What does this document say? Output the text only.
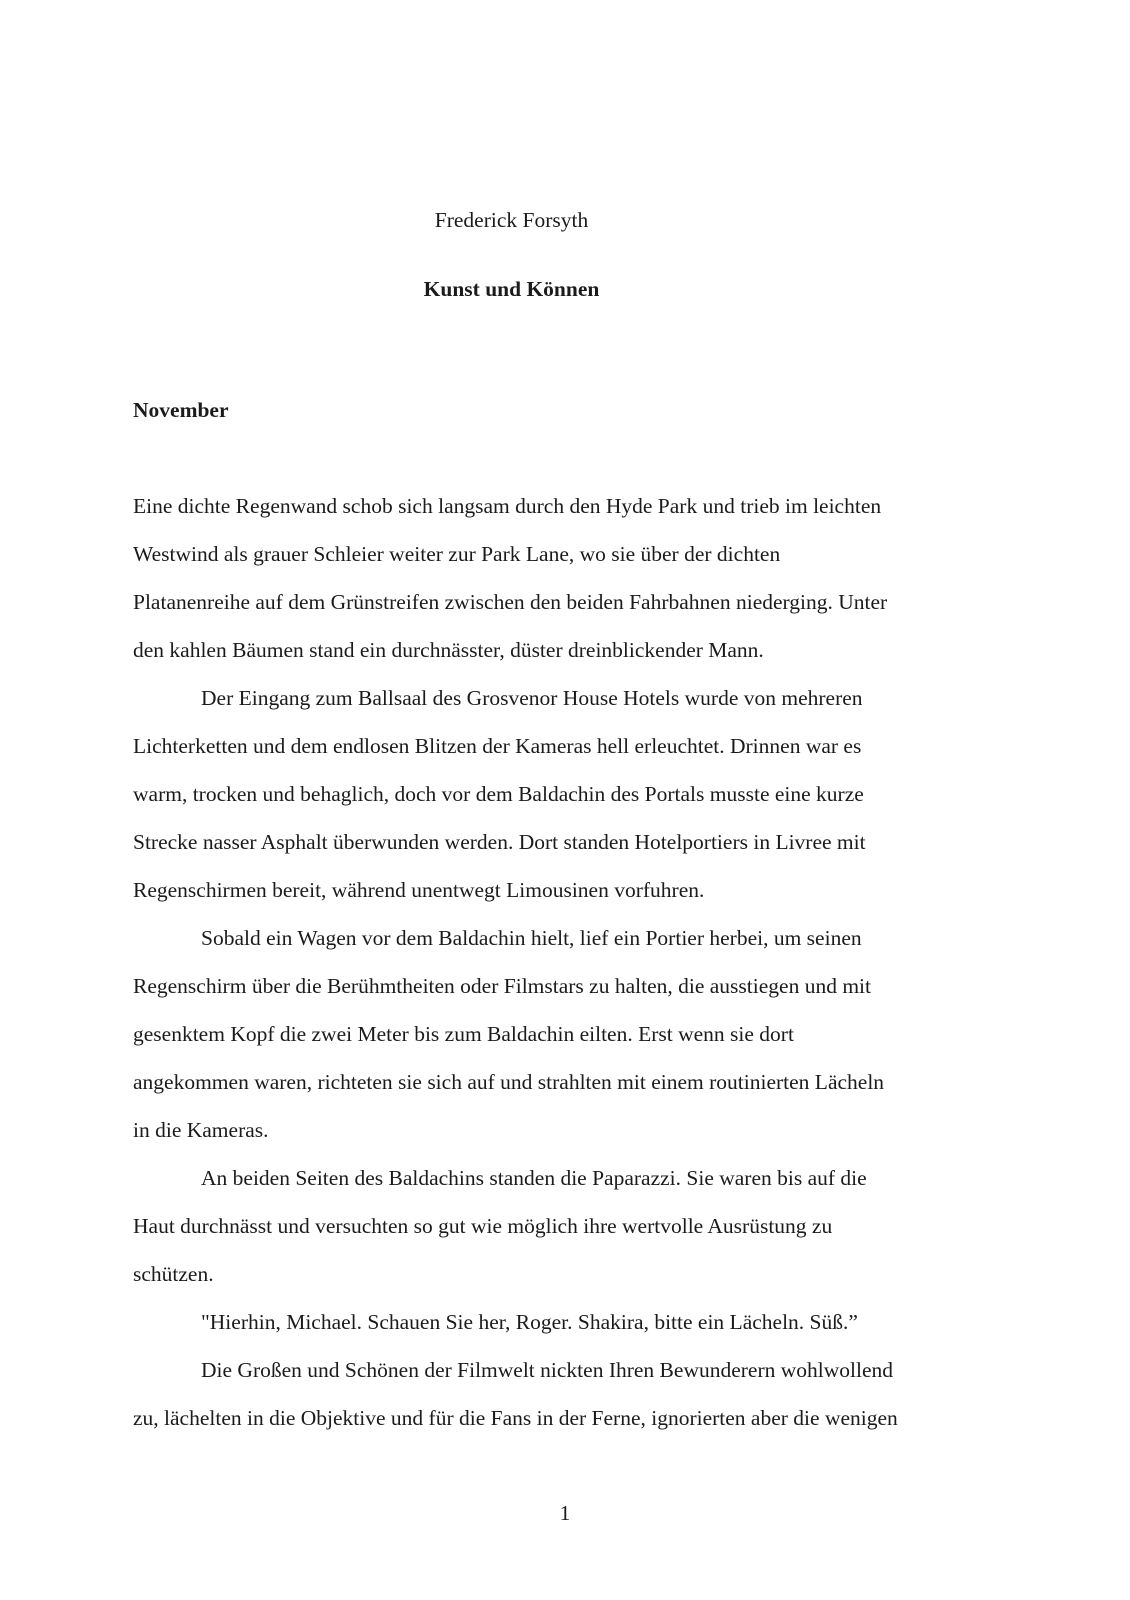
Frederick Forsyth
Kunst und Können
November
Eine dichte Regenwand schob sich langsam durch den Hyde Park und trieb im leichten
Westwind als grauer Schleier weiter zur Park Lane, wo sie über der dichten
Platanenreihe auf dem Grünstreifen zwischen den beiden Fahrbahnen niederging. Unter
den kahlen Bäumen stand ein durchnässter, düster dreinblickender Mann.
Der Eingang zum Ballsaal des Grosvenor House Hotels wurde von mehreren
Lichterketten und dem endlosen Blitzen der Kameras hell erleuchtet. Drinnen war es
warm, trocken und behaglich, doch vor dem Baldachin des Portals musste eine kurze
Strecke nasser Asphalt überwunden werden. Dort standen Hotelportiers in Livree mit
Regenschirmen bereit, während unentwegt Limousinen vorfuhren.
Sobald ein Wagen vor dem Baldachin hielt, lief ein Portier herbei, um seinen
Regenschirm über die Berühmtheiten oder Filmstars zu halten, die ausstiegen und mit
gesenktem Kopf die zwei Meter bis zum Baldachin eilten. Erst wenn sie dort
angekommen waren, richteten sie sich auf und strahlten mit einem routinierten Lächeln
in die Kameras.
An beiden Seiten des Baldachins standen die Paparazzi. Sie waren bis auf die
Haut durchnässt und versuchten so gut wie möglich ihre wertvolle Ausrüstung zu
schützen.
"Hierhin, Michael. Schauen Sie her, Roger. Shakira, bitte ein Lächeln. Süß.”
Die Großen und Schönen der Filmwelt nickten Ihren Bewunderern wohlwollend
zu, lächelten in die Objektive und für die Fans in der Ferne, ignorierten aber die wenigen
1
